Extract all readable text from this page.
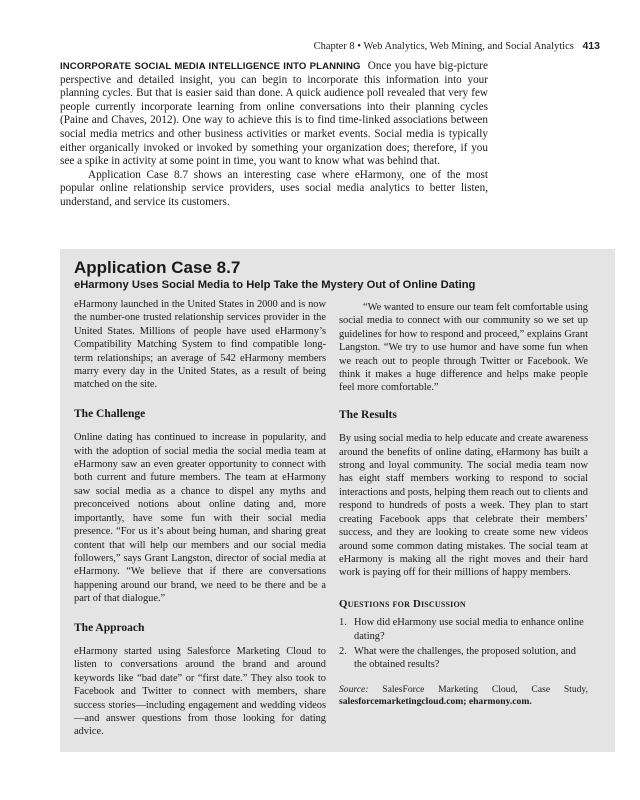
Chapter 8 • Web Analytics, Web Mining, and Social Analytics 413

INCORPORATE SOCIAL MEDIA INTELLIGENCE INTO PLANNING Once you have big-picture perspective and detailed insight, you can begin to incorporate this information into your planning cycles. But that is easier said than done. A quick audience poll revealed that very few people currently incorporate learning from online conversations into their planning cycles (Paine and Chaves, 2012). One way to achieve this is to find time-linked associations between social media metrics and other business activities or market events. Social media is typically either organically invoked or invoked by something your organization does; therefore, if you see a spike in activity at some point in time, you want to know what was behind that.

Application Case 8.7 shows an interesting case where eHarmony, one of the most popular online relationship service providers, uses social media analytics to better listen, understand, and service its customers.

Application Case 8.7
eHarmony Uses Social Media to Help Take the Mystery Out of Online Dating

eHarmony launched in the United States in 2000 and is now the number-one trusted relationship services provider in the United States. Millions of people have used eHarmony’s Compatibility Matching System to find compatible long-term relationships; an average of 542 eHarmony members marry every day in the United States, as a result of being matched on the site.

The Challenge

Online dating has continued to increase in popularity, and with the adoption of social media the social media team at eHarmony saw an even greater opportunity to connect with both current and future members. The team at eHarmony saw social media as a chance to dispel any myths and preconceived notions about online dating and, more importantly, have some fun with their social media presence. “For us it’s about being human, and sharing great content that will help our members and our social media followers,” says Grant Langston, director of social media at eHarmony. “We believe that if there are conversations happening around our brand, we need to be there and be a part of that dialogue.”

The Approach

eHarmony started using Salesforce Marketing Cloud to listen to conversations around the brand and around keywords like “bad date” or “first date.” They also took to Facebook and Twitter to connect with members, share success stories—including engagement and wedding videos—and answer questions from those looking for dating advice.

“We wanted to ensure our team felt comfortable using social media to connect with our community so we set up guidelines for how to respond and proceed,” explains Grant Langston. “We try to use humor and have some fun when we reach out to people through Twitter or Facebook. We think it makes a huge difference and helps make people feel more comfortable.”

The Results

By using social media to help educate and create awareness around the benefits of online dating, eHarmony has built a strong and loyal community. The social media team now has eight staff members working to respond to social interactions and posts, helping them reach out to clients and respond to hundreds of posts a week. They plan to start creating Facebook apps that celebrate their members’ success, and they are looking to create some new videos around some common dating mistakes. The social team at eHarmony is making all the right moves and their hard work is paying off for their millions of happy members.

Questions for Discussion
1. How did eHarmony use social media to enhance online dating?
2. What were the challenges, the proposed solution, and the obtained results?
Source: SalesForce Marketing Cloud, Case Study, salesforcemarketingcloud.com; eharmony.com.
